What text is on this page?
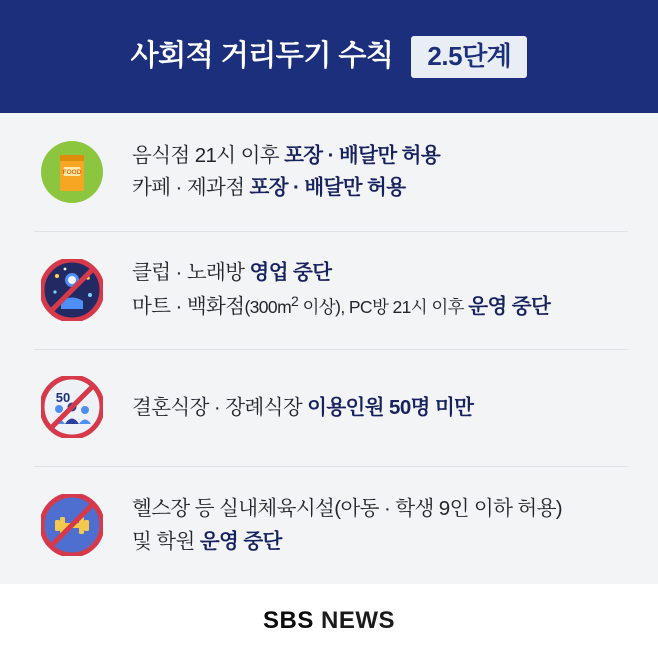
사회적 거리두기 수칙	2.5단계
FOOD
음식점 21시 이후 포장 · 배달만 허용
카페 · 제과점 포장 · 배달만 허용
클럽 · 노래방 영업 중단
마트 · 백화점($300m^2$ 이상), PC방 21시 이후 운영 중단
50	결혼식장 · 장례식장 이용인원 50명 미만
헬스장 등 실내체육시설(아동 · 학생 9인 이하 허용)
및 학원 운영 중단
SBS NEWS
